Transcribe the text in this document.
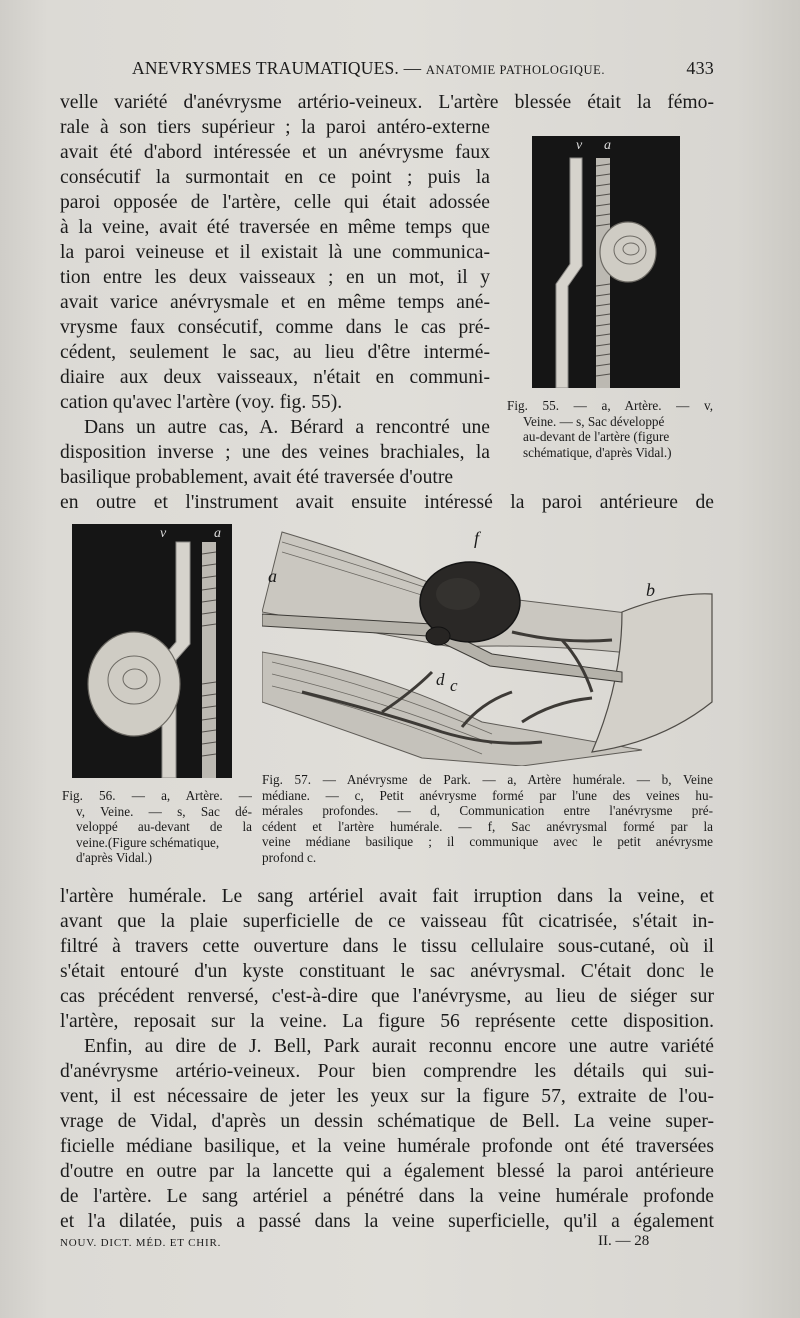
ANEVRYSMES TRAUMATIQUES. — ANATOMIE PATHOLOGIQUE.	433
velle variété d'anévrysme artério-veineux. L'artère blessée était la fémo-
rale à son tiers supérieur ; la paroi antéro-externe
avait été d'abord intéressée et un anévrysme faux
consécutif la surmontait en ce point ; puis la
paroi opposée de l'artère, celle qui était adossée
à la veine, avait été traversée en même temps que
la paroi veineuse et il existait là une communica-
tion entre les deux vaisseaux ; en un mot, il y
avait varice anévrysmale et en même temps ané-
vrysme faux consécutif, comme dans le cas pré-
cédent, seulement le sac, au lieu d'être intermé-
diaire aux deux vaisseaux, n'était en communi-
cation qu'avec l'artère (voy. fig. 55).
Dans un autre cas, A. Bérard a rencontré une
disposition inverse ; une des veines brachiales, la
basilique probablement, avait été traversée d'outre
en outre et l'instrument avait ensuite intéressé la paroi antérieure de
v a
Fig. 55. — a, Artère. — v,
Veine. — s, Sac développé
au-devant de l'artère (figure
schématique, d'après Vidal.)
v	a
Fig. 56. — a, Artère. —
v, Veine. — s, Sac dé-
veloppé au-devant de la
veine.(Figure schématique,
d'après Vidal.)
f
a
b
d c
Fig. 57. — Anévrysme de Park. — a, Artère humérale. — b, Veine
médiane. — c, Petit anévrysme formé par l'une des veines hu-
mérales profondes. — d, Communication entre l'anévrysme pré-
cédent et l'artère humérale. — f, Sac anévrysmal formé par la
veine médiane basilique ; il communique avec le petit anévrysme
profond c.
l'artère humérale. Le sang artériel avait fait irruption dans la veine, et
avant que la plaie superficielle de ce vaisseau fût cicatrisée, s'était in-
filtré à travers cette ouverture dans le tissu cellulaire sous-cutané, où il
s'était entouré d'un kyste constituant le sac anévrysmal. C'était donc le
cas précédent renversé, c'est-à-dire que l'anévrysme, au lieu de siéger sur
l'artère, reposait sur la veine. La figure 56 représente cette disposition.
Enfin, au dire de J. Bell, Park aurait reconnu encore une autre variété
d'anévrysme artério-veineux. Pour bien comprendre les détails qui sui-
vent, il est nécessaire de jeter les yeux sur la figure 57, extraite de l'ou-
vrage de Vidal, d'après un dessin schématique de Bell. La veine super-
ficielle médiane basilique, et la veine humérale profonde ont été traversées
d'outre en outre par la lancette qui a également blessé la paroi antérieure
de l'artère. Le sang artériel a pénétré dans la veine humérale profonde
et l'a dilatée, puis a passé dans la veine superficielle, qu'il a également
NOUV. DICT. MÉD. ET CHIR.	II. — 28
